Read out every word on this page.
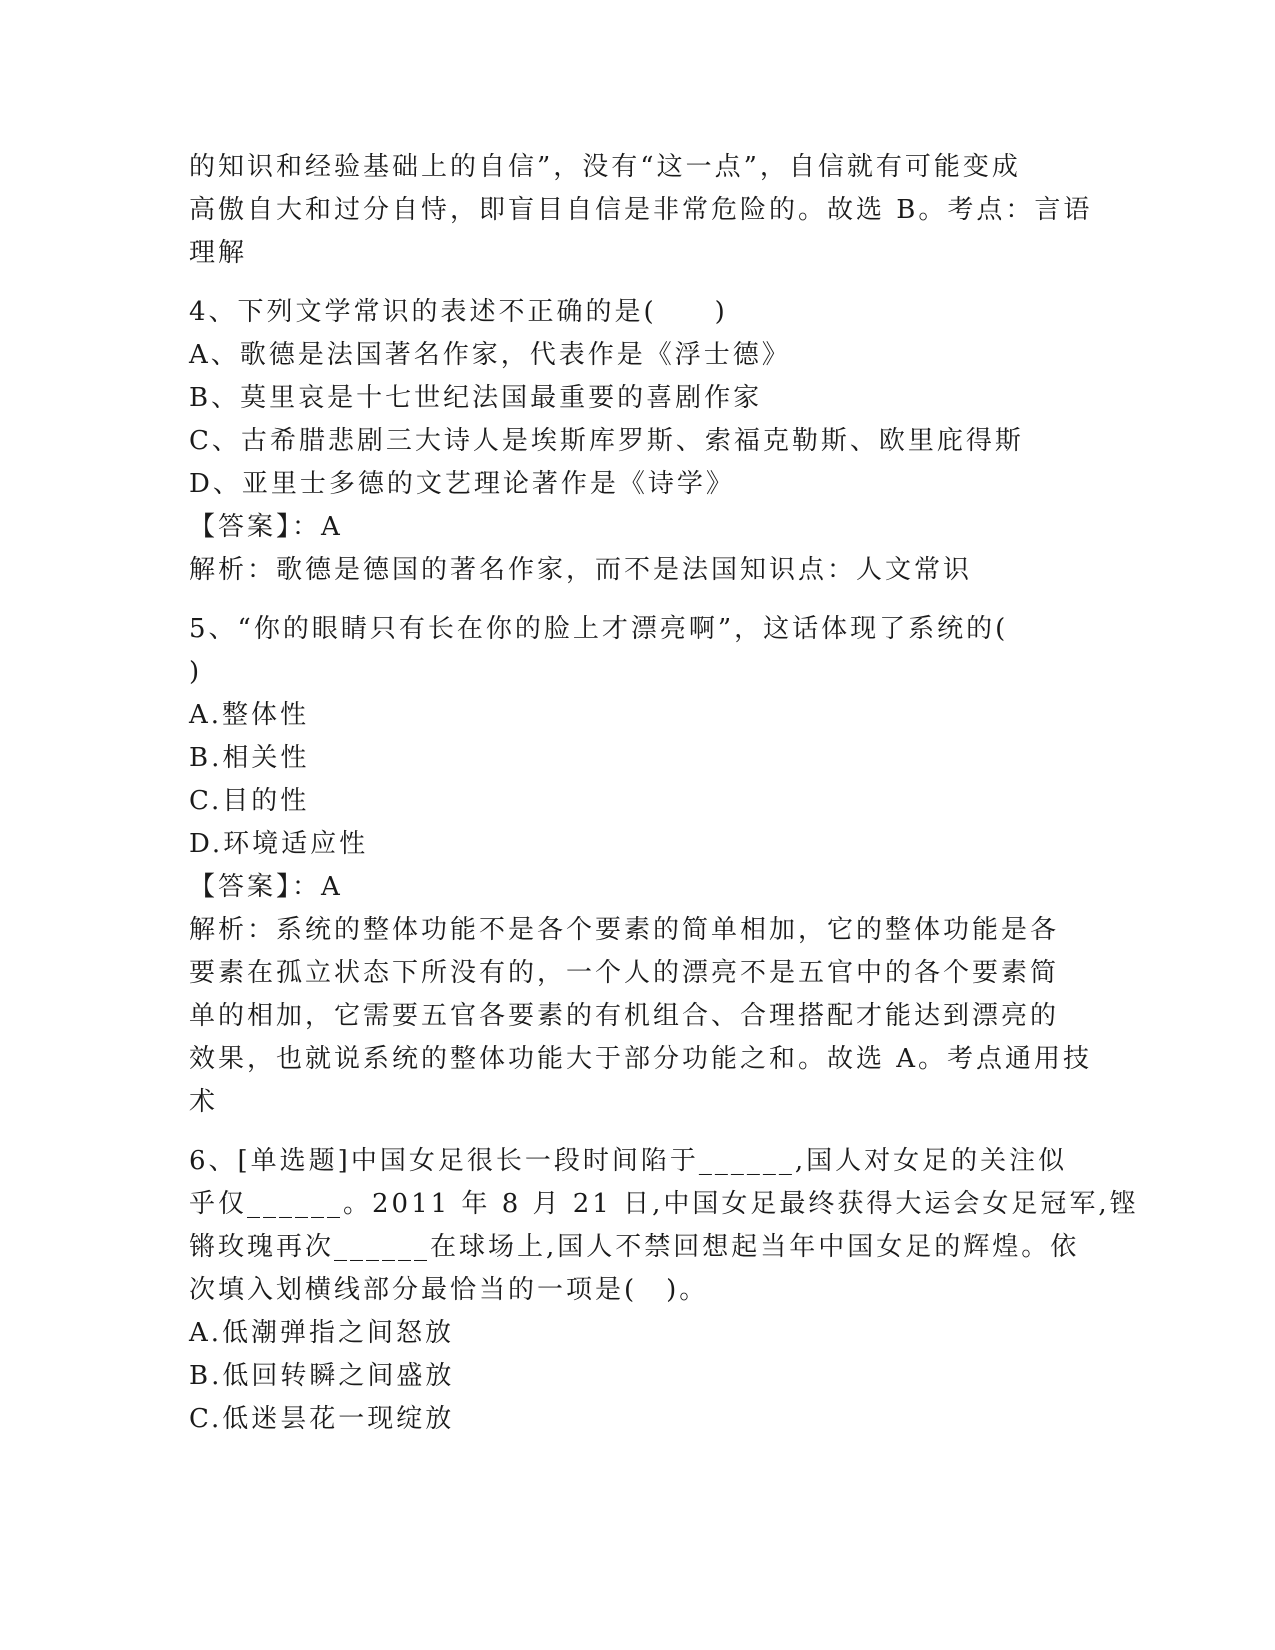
的知识和经验基础上的自信”，没有“这一点”，自信就有可能变成
高傲自大和过分自恃，即盲目自信是非常危险的。故选 B。考点：言语
理解
4、下列文学常识的表述不正确的是(　　)
A、歌德是法国著名作家，代表作是《浮士德》
B、莫里哀是十七世纪法国最重要的喜剧作家
C、古希腊悲剧三大诗人是埃斯库罗斯、索福克勒斯、欧里庇得斯
D、亚里士多德的文艺理论著作是《诗学》
【答案】：A
解析：歌德是德国的著名作家，而不是法国知识点：人文常识
5、“你的眼睛只有长在你的脸上才漂亮啊”，这话体现了系统的(
)
A.整体性
B.相关性
C.目的性
D.环境适应性
【答案】：A
解析：系统的整体功能不是各个要素的简单相加，它的整体功能是各
要素在孤立状态下所没有的，一个人的漂亮不是五官中的各个要素简
单的相加，它需要五官各要素的有机组合、合理搭配才能达到漂亮的
效果，也就说系统的整体功能大于部分功能之和。故选 A。考点通用技
术
6、[单选题]中国女足很长一段时间陷于______,国人对女足的关注似
乎仅______。2011 年 8 月 21 日,中国女足最终获得大运会女足冠军,铿
锵玫瑰再次______在球场上,国人不禁回想起当年中国女足的辉煌。依
次填入划横线部分最恰当的一项是(　)。
A.低潮弹指之间怒放
B.低回转瞬之间盛放
C.低迷昙花一现绽放
